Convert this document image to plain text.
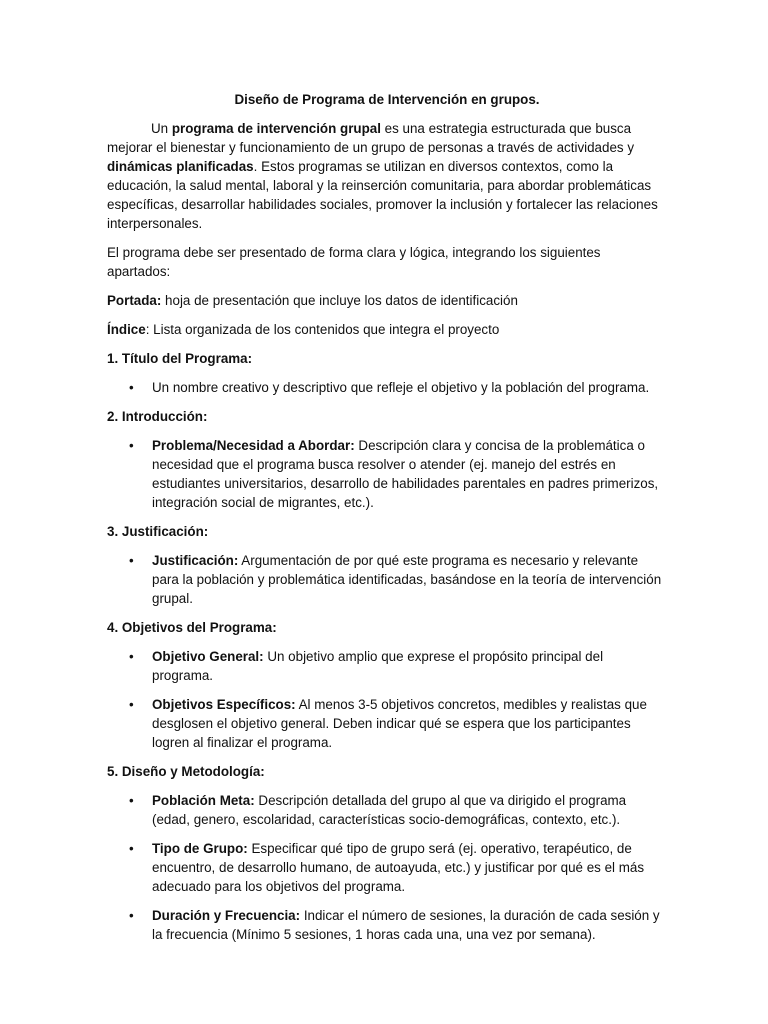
Diseño de Programa de Intervención en grupos.

Un programa de intervención grupal es una estrategia estructurada que busca mejorar el bienestar y funcionamiento de un grupo de personas a través de actividades y dinámicas planificadas. Estos programas se utilizan en diversos contextos, como la educación, la salud mental, laboral y la reinserción comunitaria, para abordar problemáticas específicas, desarrollar habilidades sociales, promover la inclusión y fortalecer las relaciones interpersonales.

El programa debe ser presentado de forma clara y lógica, integrando los siguientes apartados:

Portada: hoja de presentación que incluye los datos de identificación

Índice: Lista organizada de los contenidos que integra el proyecto

1. Título del Programa:

• Un nombre creativo y descriptivo que refleje el objetivo y la población del programa.

2. Introducción:

• Problema/Necesidad a Abordar: Descripción clara y concisa de la problemática o necesidad que el programa busca resolver o atender (ej. manejo del estrés en estudiantes universitarios, desarrollo de habilidades parentales en padres primerizos, integración social de migrantes, etc.).

3. Justificación:

• Justificación: Argumentación de por qué este programa es necesario y relevante para la población y problemática identificadas, basándose en la teoría de intervención grupal.

4. Objetivos del Programa:

• Objetivo General: Un objetivo amplio que exprese el propósito principal del programa.
• Objetivos Específicos: Al menos 3-5 objetivos concretos, medibles y realistas que desglosen el objetivo general. Deben indicar qué se espera que los participantes logren al finalizar el programa.

5. Diseño y Metodología:

• Población Meta: Descripción detallada del grupo al que va dirigido el programa (edad, genero, escolaridad, características socio-demográficas, contexto, etc.).
• Tipo de Grupo: Especificar qué tipo de grupo será (ej. operativo, terapéutico, de encuentro, de desarrollo humano, de autoayuda, etc.) y justificar por qué es el más adecuado para los objetivos del programa.
• Duración y Frecuencia: Indicar el número de sesiones, la duración de cada sesión y la frecuencia (Mínimo 5 sesiones, 1 horas cada una, una vez por semana).
